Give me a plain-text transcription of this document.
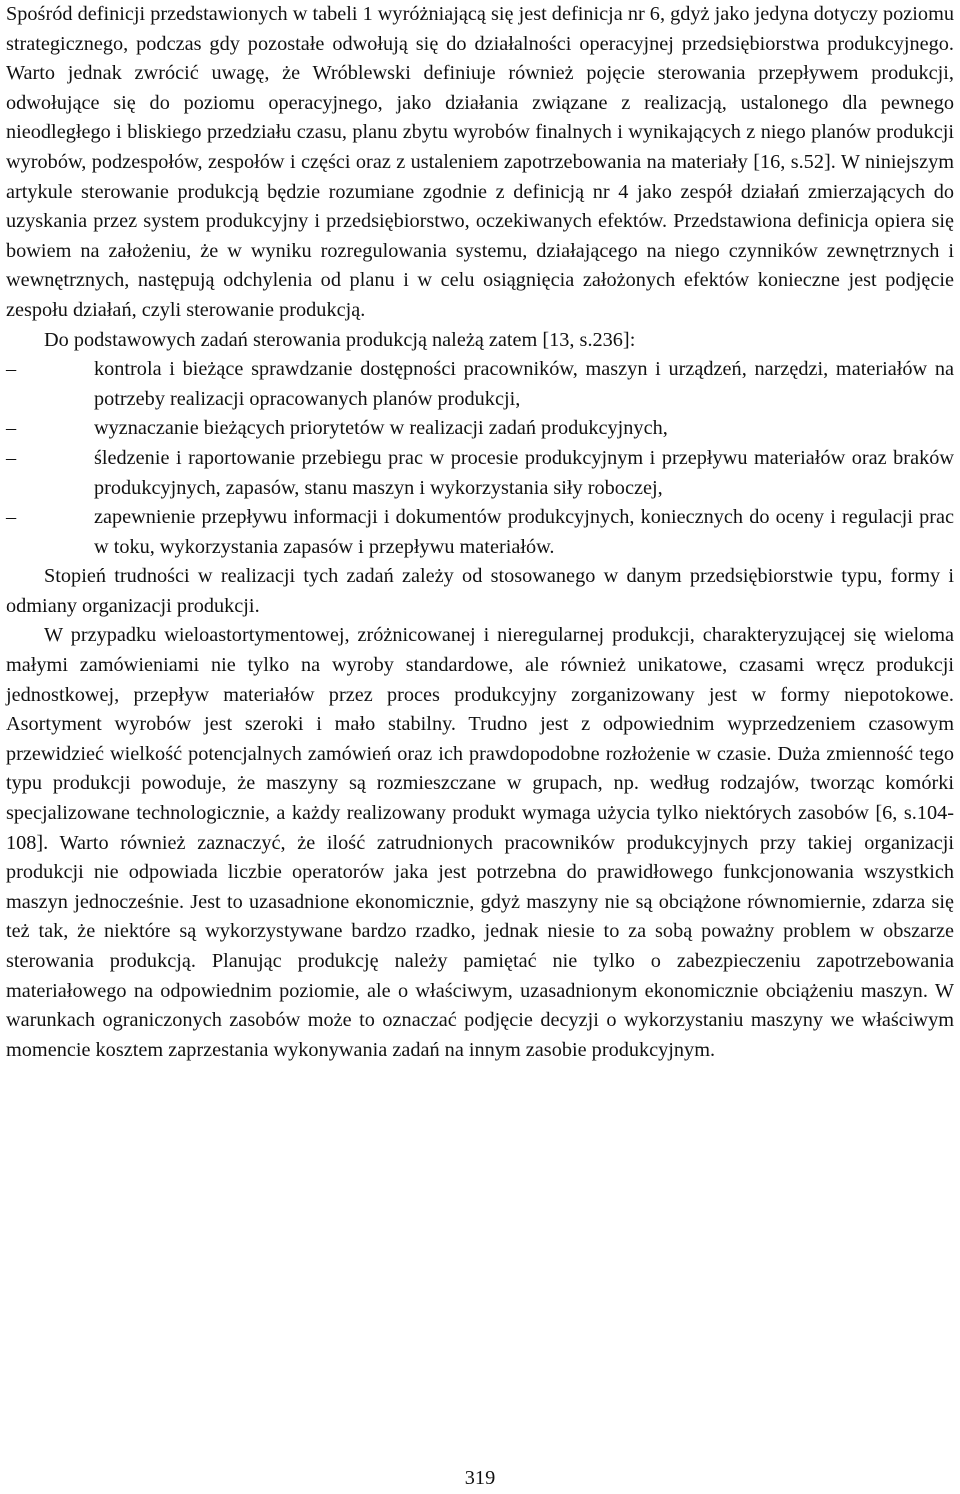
Spośród definicji przedstawionych w tabeli 1 wyróżniającą się jest definicja nr 6, gdyż jako jedyna dotyczy poziomu strategicznego, podczas gdy pozostałe odwołują się do działalności operacyjnej przedsiębiorstwa produkcyjnego. Warto jednak zwrócić uwagę, że Wróblewski definiuje również pojęcie sterowania przepływem produkcji, odwołujące się do poziomu operacyjnego, jako działania związane z realizacją, ustalonego dla pewnego nieodległego i bliskiego przedziału czasu, planu zbytu wyrobów finalnych i wynikających z niego planów produkcji wyrobów, podzespołów, zespołów i części oraz z ustaleniem zapotrzebowania na materiały [16, s.52]. W niniejszym artykule sterowanie produkcją będzie rozumiane zgodnie z definicją nr 4 jako zespół działań zmierzających do uzyskania przez system produkcyjny i przedsiębiorstwo, oczekiwanych efektów. Przedstawiona definicja opiera się bowiem na założeniu, że w wyniku rozregulowania systemu, działającego na niego czynników zewnętrznych i wewnętrznych, następują odchylenia od planu i w celu osiągnięcia założonych efektów konieczne jest podjęcie zespołu działań, czyli sterowanie produkcją.

Do podstawowych zadań sterowania produkcją należą zatem [13, s.236]:

–	kontrola i bieżące sprawdzanie dostępności pracowników, maszyn i urządzeń, narzędzi, materiałów na potrzeby realizacji opracowanych planów produkcji,
–	wyznaczanie bieżących priorytetów w realizacji zadań produkcyjnych,
–	śledzenie i raportowanie przebiegu prac w procesie produkcyjnym i przepływu materiałów oraz braków produkcyjnych, zapasów, stanu maszyn i wykorzystania siły roboczej,
–	zapewnienie przepływu informacji i dokumentów produkcyjnych, koniecznych do oceny i regulacji prac w toku, wykorzystania zapasów i przepływu materiałów.

Stopień trudności w realizacji tych zadań zależy od stosowanego w danym przedsiębiorstwie typu, formy i odmiany organizacji produkcji.

W przypadku wieloastortymentowej, zróżnicowanej i nieregularnej produkcji, charakteryzującej się wieloma małymi zamówieniami nie tylko na wyroby standardowe, ale również unikatowe, czasami wręcz produkcji jednostkowej, przepływ materiałów przez proces produkcyjny zorganizowany jest w formy niepotokowe. Asortyment wyrobów jest szeroki i mało stabilny. Trudno jest z odpowiednim wyprzedzeniem czasowym przewidzieć wielkość potencjalnych zamówień oraz ich prawdopodobne rozłożenie w czasie. Duża zmienność tego typu produkcji powoduje, że maszyny są rozmieszczane w grupach, np. według rodzajów, tworząc komórki specjalizowane technologicznie, a każdy realizowany produkt wymaga użycia tylko niektórych zasobów [6, s.104-108]. Warto również zaznaczyć, że ilość zatrudnionych pracowników produkcyjnych przy takiej organizacji produkcji nie odpowiada liczbie operatorów jaka jest potrzebna do prawidłowego funkcjonowania wszystkich maszyn jednocześnie. Jest to uzasadnione ekonomicznie, gdyż maszyny nie są obciążone równomiernie, zdarza się też tak, że niektóre są wykorzystywane bardzo rzadko, jednak niesie to za sobą poważny problem w obszarze sterowania produkcją. Planując produkcję należy pamiętać nie tylko o zabezpieczeniu zapotrzebowania materiałowego na odpowiednim poziomie, ale o właściwym, uzasadnionym ekonomicznie obciążeniu maszyn. W warunkach ograniczonych zasobów może to oznaczać podjęcie decyzji o wykorzystaniu maszyny we właściwym momencie kosztem zaprzestania wykonywania zadań na innym zasobie produkcyjnym.

319
